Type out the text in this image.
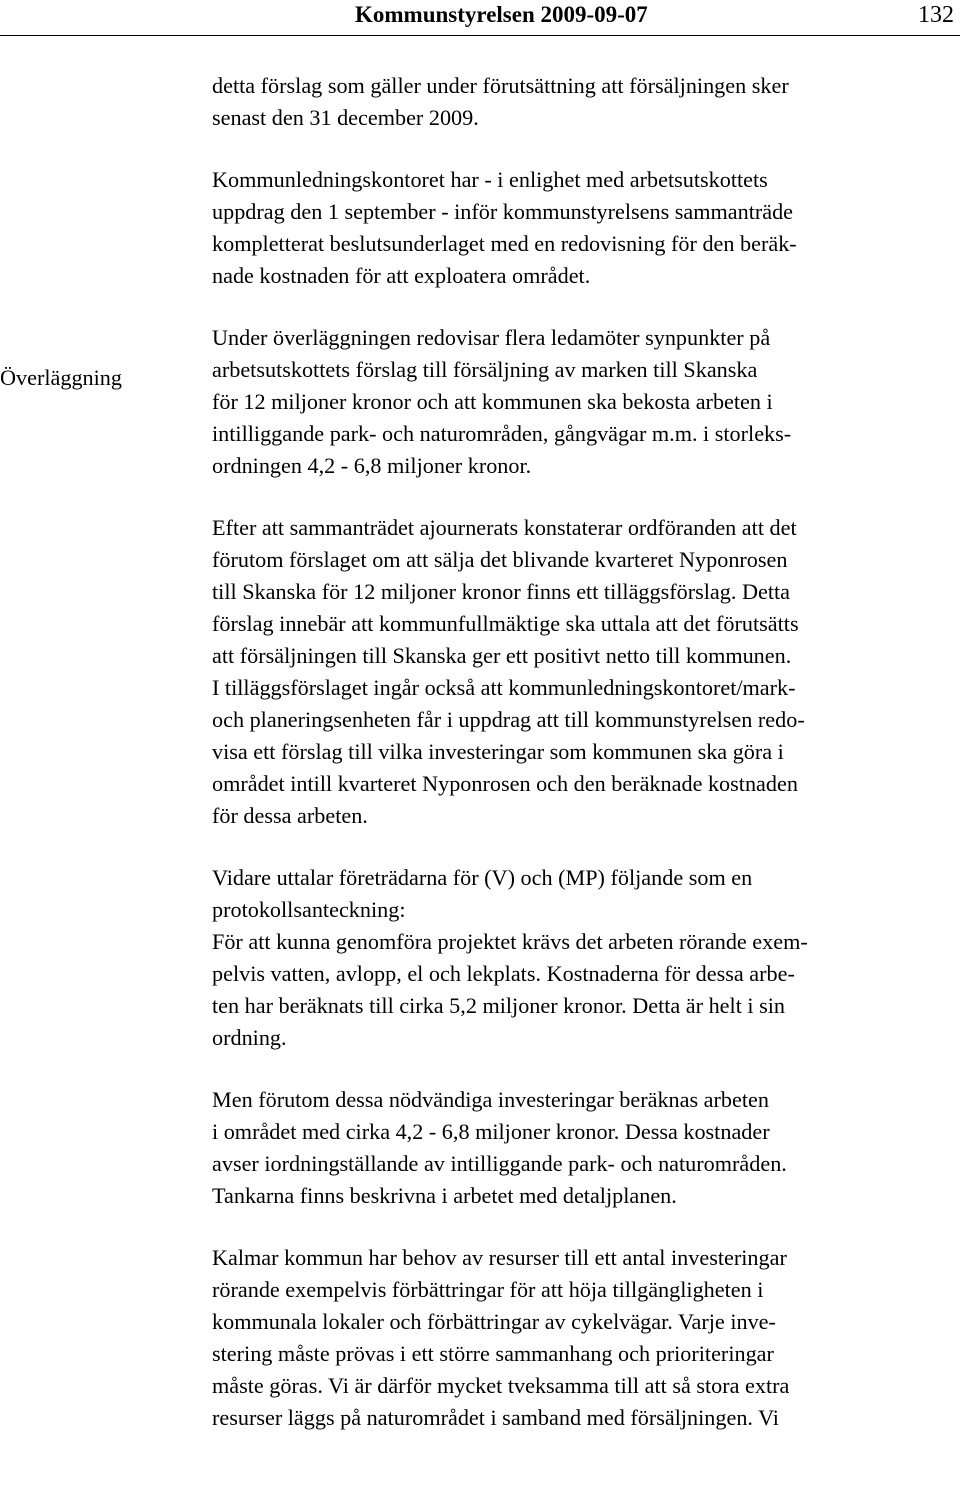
Kommunstyrelsen 2009-09-07	132
Överläggning
detta förslag som gäller under förutsättning att försäljningen sker
senast den 31 december 2009.
Kommunledningskontoret har - i enlighet med arbetsutskottets
uppdrag den 1 september - inför kommunstyrelsens sammanträde
kompletterat beslutsunderlaget med en redovisning för den beräk-
nade kostnaden för att exploatera området.
Under överläggningen redovisar flera ledamöter synpunkter på
arbetsutskottets förslag till försäljning av marken till Skanska
för 12 miljoner kronor och att kommunen ska bekosta arbeten i
intilliggande park- och naturområden, gångvägar m.m. i storleks-
ordningen 4,2 - 6,8 miljoner kronor.
Efter att sammanträdet ajournerats konstaterar ordföranden att det
förutom förslaget om att sälja det blivande kvarteret Nyponrosen
till Skanska för 12 miljoner kronor finns ett tilläggsförslag. Detta
förslag innebär att kommunfullmäktige ska uttala att det förutsätts
att försäljningen till Skanska ger ett positivt netto till kommunen.
I tilläggsförslaget ingår också att kommunledningskontoret/mark-
och planeringsenheten får i uppdrag att till kommunstyrelsen redo-
visa ett förslag till vilka investeringar som kommunen ska göra i
området intill kvarteret Nyponrosen och den beräknade kostnaden
för dessa arbeten.
Vidare uttalar företrädarna för (V) och (MP) följande som en
protokollsanteckning:
För att kunna genomföra projektet krävs det arbeten rörande exem-
pelvis vatten, avlopp, el och lekplats. Kostnaderna för dessa arbe-
ten har beräknats till cirka 5,2 miljoner kronor. Detta är helt i sin
ordning.
Men förutom dessa nödvändiga investeringar beräknas arbeten
i området med cirka 4,2 - 6,8 miljoner kronor. Dessa kostnader
avser iordningställande av intilliggande park- och naturområden.
Tankarna finns beskrivna i arbetet med detaljplanen.
Kalmar kommun har behov av resurser till ett antal investeringar
rörande exempelvis förbättringar för att höja tillgängligheten i
kommunala lokaler och förbättringar av cykelvägar. Varje inve-
stering måste prövas i ett större sammanhang och prioriteringar
måste göras. Vi är därför mycket tveksamma till att så stora extra
resurser läggs på naturområdet i samband med försäljningen. Vi
